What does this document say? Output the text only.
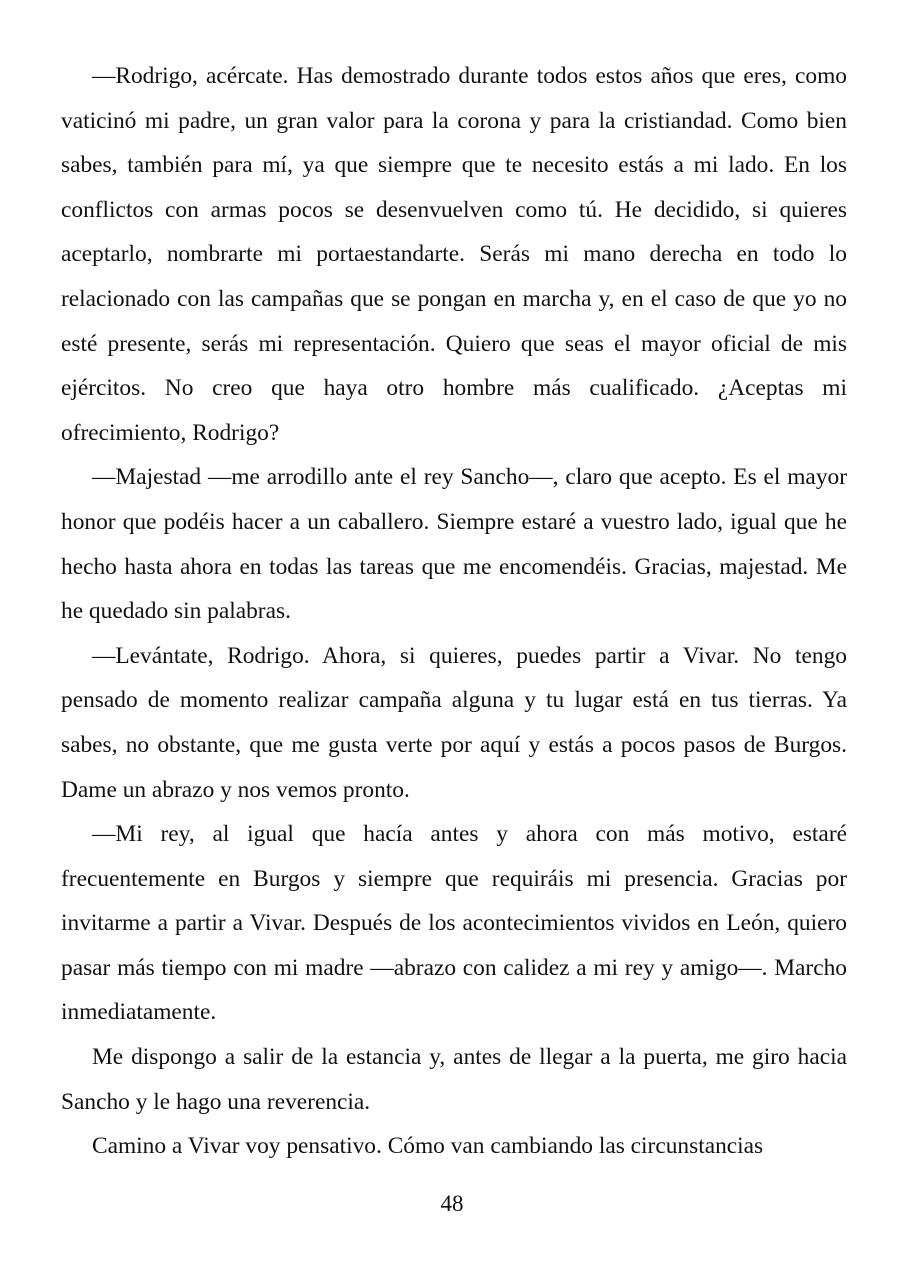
—Rodrigo, acércate. Has demostrado durante todos estos años que eres, como vaticinó mi padre, un gran valor para la corona y para la cristiandad. Como bien sabes, también para mí, ya que siempre que te necesito estás a mi lado. En los conflictos con armas pocos se desenvuelven como tú. He decidido, si quieres aceptarlo, nombrarte mi portaestandarte. Serás mi mano derecha en todo lo relacionado con las campañas que se pongan en marcha y, en el caso de que yo no esté presente, serás mi representación. Quiero que seas el mayor oficial de mis ejércitos. No creo que haya otro hombre más cualificado. ¿Aceptas mi ofrecimiento, Rodrigo?

—Majestad —me arrodillo ante el rey Sancho—, claro que acepto. Es el mayor honor que podéis hacer a un caballero. Siempre estaré a vuestro lado, igual que he hecho hasta ahora en todas las tareas que me encomendéis. Gracias, majestad. Me he quedado sin palabras.

—Levántate, Rodrigo. Ahora, si quieres, puedes partir a Vivar. No tengo pensado de momento realizar campaña alguna y tu lugar está en tus tierras. Ya sabes, no obstante, que me gusta verte por aquí y estás a pocos pasos de Burgos. Dame un abrazo y nos vemos pronto.

—Mi rey, al igual que hacía antes y ahora con más motivo, estaré frecuentemente en Burgos y siempre que requiráis mi presencia. Gracias por invitarme a partir a Vivar. Después de los acontecimientos vividos en León, quiero pasar más tiempo con mi madre —abrazo con calidez a mi rey y amigo—. Marcho inmediatamente.

Me dispongo a salir de la estancia y, antes de llegar a la puerta, me giro hacia Sancho y le hago una reverencia.

Camino a Vivar voy pensativo. Cómo van cambiando las circunstancias

48
